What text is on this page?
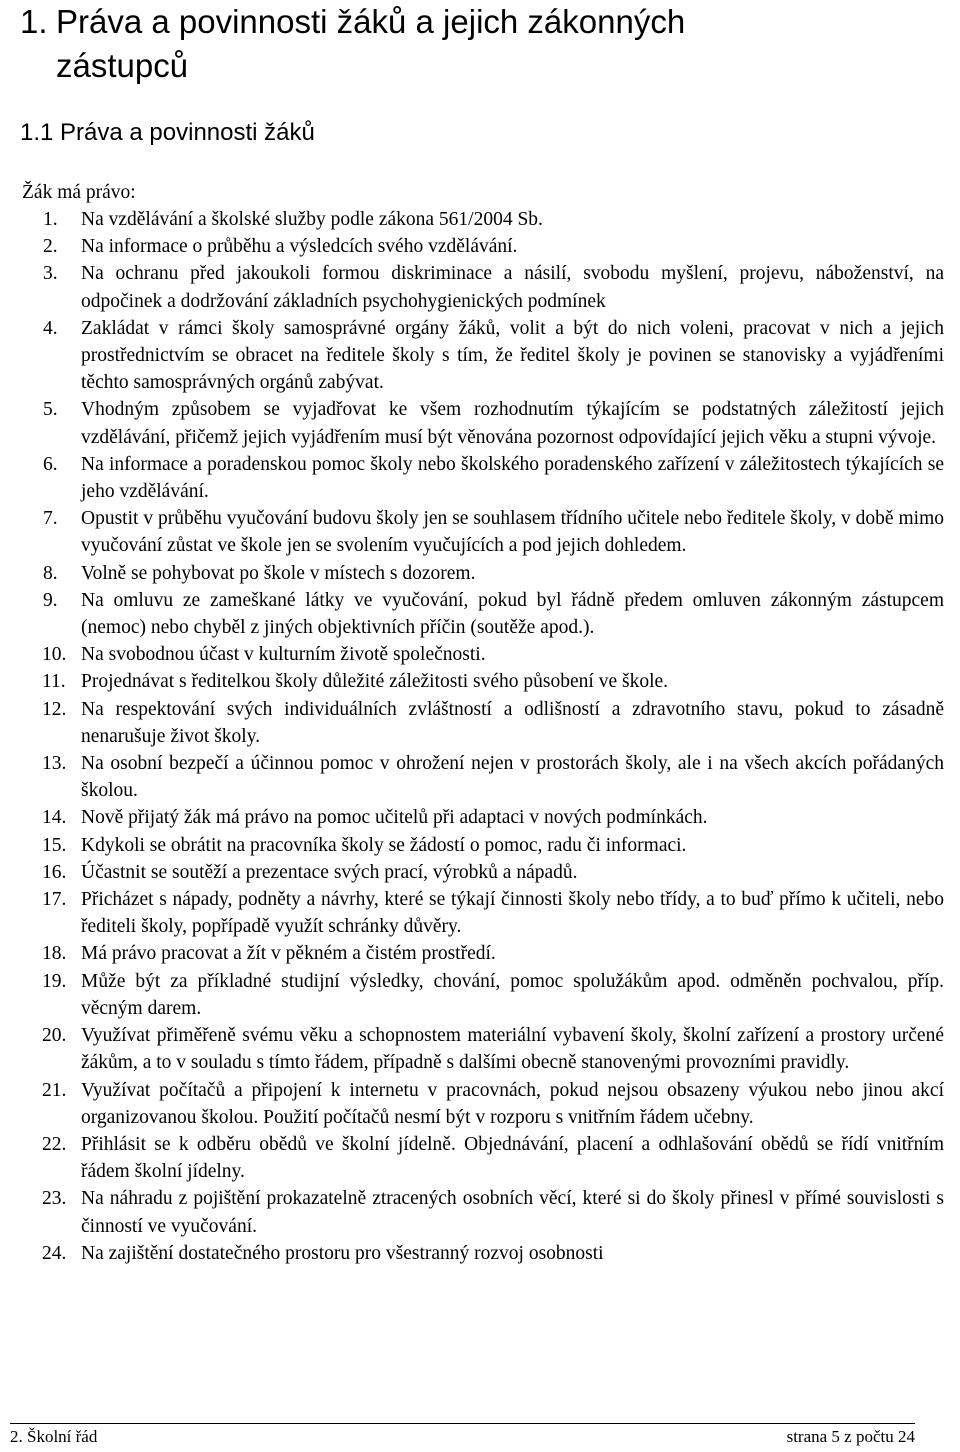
1. Práva a povinnosti žáků a jejich zákonných
zástupců
1.1 Práva a povinnosti žáků

Žák má právo:

1.	Na vzdělávání a školské služby podle zákona 561/2004 Sb.
2.	Na informace o průběhu a výsledcích svého vzdělávání.
3.	Na ochranu před jakoukoli formou diskriminace a násilí, svobodu myšlení, projevu, náboženství, na odpočinek a dodržování základních psychohygienických podmínek
4.	Zakládat v rámci školy samosprávné orgány žáků, volit a být do nich voleni, pracovat v nich a jejich prostřednictvím se obracet na ředitele školy s tím, že ředitel školy je povinen se stanovisky a vyjádřeními těchto samosprávných orgánů zabývat.
5.	Vhodným způsobem se vyjadřovat ke všem rozhodnutím týkajícím se podstatných záležitostí jejich vzdělávání, přičemž jejich vyjádřením musí být věnována pozornost odpovídající jejich věku a stupni vývoje.
6.	Na informace a poradenskou pomoc školy nebo školského poradenského zařízení v záležitostech týkajících se jeho vzdělávání.
7.	Opustit v průběhu vyučování budovu školy jen se souhlasem třídního učitele nebo ředitele školy, v době mimo vyučování zůstat ve škole jen se svolením vyučujících a pod jejich dohledem.
8.	Volně se pohybovat po škole v místech s dozorem.
9.	Na omluvu ze zameškané látky ve vyučování, pokud byl řádně předem omluven zákonným zástupcem (nemoc) nebo chyběl z jiných objektivních příčin (soutěže apod.).
10. Na svobodnou účast v kulturním životě společnosti.
11. Projednávat s ředitelkou školy důležité záležitosti svého působení ve škole.
12. Na respektování svých individuálních zvláštností a odlišností a zdravotního stavu, pokud to zásadně nenarušuje život školy.
13. Na osobní bezpečí a účinnou pomoc v ohrožení nejen v prostorách školy, ale i na všech akcích pořádaných školou.
14. Nově přijatý žák má právo na pomoc učitelů při adaptaci v nových podmínkách.
15. Kdykoli se obrátit na pracovníka školy se žádostí o pomoc, radu či informaci.
16. Účastnit se soutěží a prezentace svých prací, výrobků a nápadů.
17. Přicházet s nápady, podněty a návrhy, které se týkají činnosti školy nebo třídy, a to buď přímo k učiteli, nebo řediteli školy, popřípadě využít schránky důvěry.
18. Má právo pracovat a žít v pěkném a čistém prostředí.
19. Může být za příkladné studijní výsledky, chování, pomoc spolužákům apod. odměněn pochvalou, příp. věcným darem.
20. Využívat přiměřeně svému věku a schopnostem materiální vybavení školy, školní zařízení a prostory určené žákům, a to v souladu s tímto řádem, případně s dalšími obecně stanovenými provozními pravidly.
21. Využívat počítačů a připojení k internetu v pracovnách, pokud nejsou obsazeny výukou nebo jinou akcí organizovanou školou. Použití počítačů nesmí být v rozporu s vnitřním řádem učebny.
22. Přihlásit se k odběru obědů ve školní jídelně. Objednávání, placení a odhlašování obědů se řídí vnitřním řádem školní jídelny.
23. Na náhradu z pojištění prokazatelně ztracených osobních věcí, které si do školy přinesl v přímé souvislosti s činností ve vyučování.
24. Na zajištění dostatečného prostoru pro všestranný rozvoj osobnosti
2. Školní řád	strana 5 z počtu 24
